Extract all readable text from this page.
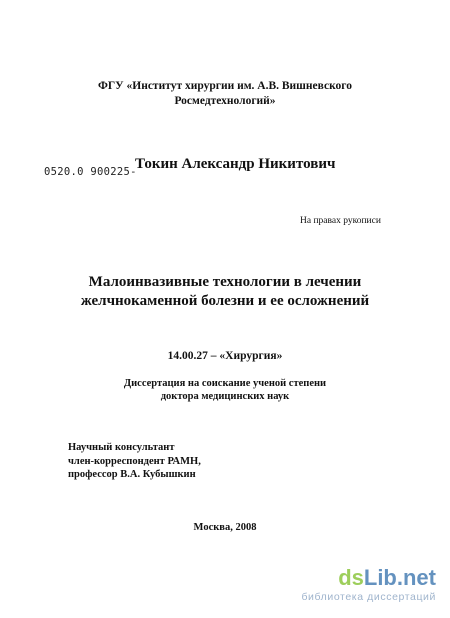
ФГУ «Институт хирургии им. А.В. Вишневского
Росмедтехнологий»
0520.0 900225-
Токин Александр Никитович
На правах рукописи
Малоинвазивные технологии в лечении
желчнокаменной болезни и ее осложнений
14.00.27 – «Хирургия»
Диссертация на соискание ученой степени
доктора медицинских наук
Научный консультант
член-корреспондент РАМН,
профессор В.А. Кубышкин
Москва, 2008
dsLib.net
библиотека диссертаций
